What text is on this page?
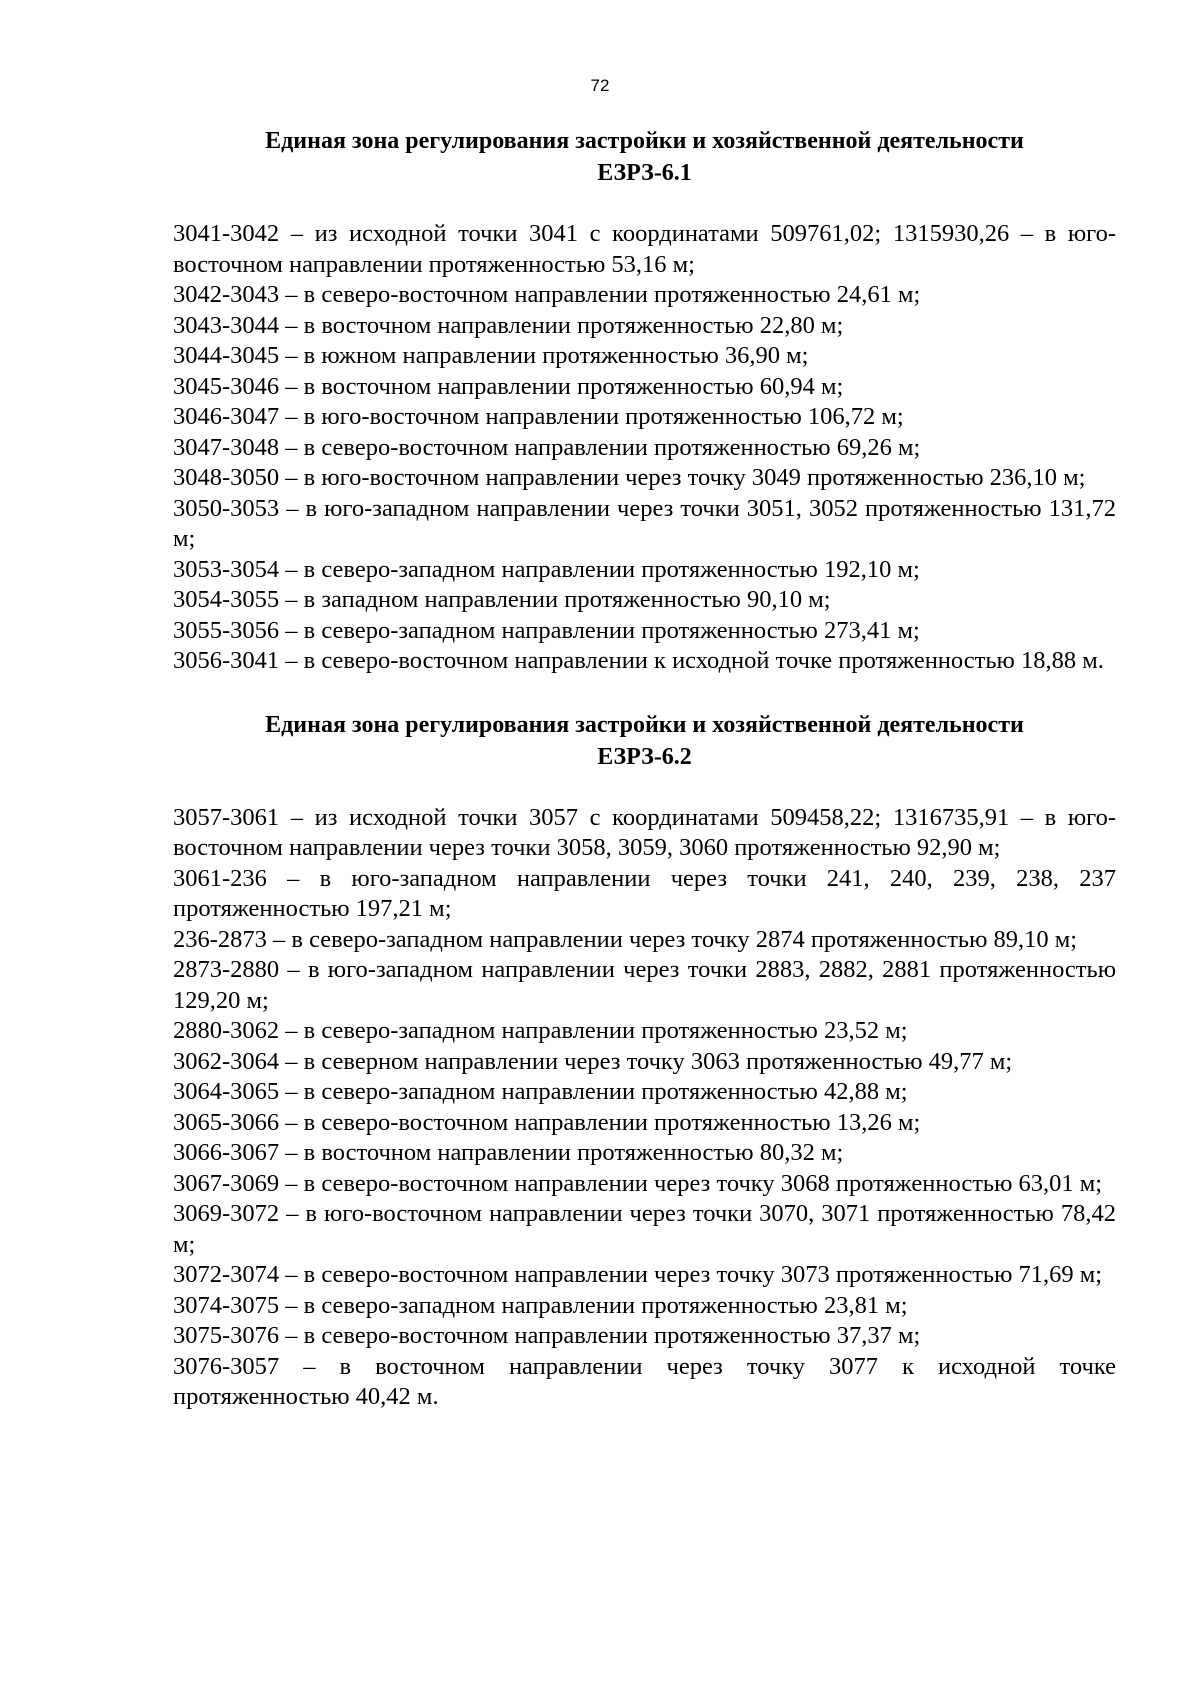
72
Единая зона регулирования застройки и хозяйственной деятельности
ЕЗРЗ-6.1

3041-3042 – из исходной точки 3041 с координатами 509761,02; 1315930,26 – в юго-восточном направлении протяженностью 53,16 м;

3042-3043 – в северо-восточном направлении протяженностью 24,61 м;

3043-3044 – в восточном направлении протяженностью 22,80 м;

3044-3045 – в южном направлении протяженностью 36,90 м;

3045-3046 – в восточном направлении протяженностью 60,94 м;

3046-3047 – в юго-восточном направлении протяженностью 106,72 м;

3047-3048 – в северо-восточном направлении протяженностью 69,26 м;

3048-3050 – в юго-восточном направлении через точку 3049 протяженностью 236,10 м;

3050-3053 – в юго-западном направлении через точки 3051, 3052 протяженностью 131,72 м;

3053-3054 – в северо-западном направлении протяженностью 192,10 м;

3054-3055 – в западном направлении протяженностью 90,10 м;

3055-3056 – в северо-западном направлении протяженностью 273,41 м;

3056-3041 – в северо-восточном направлении к исходной точке протяженностью 18,88 м.

Единая зона регулирования застройки и хозяйственной деятельности
ЕЗРЗ-6.2

3057-3061 – из исходной точки 3057 с координатами 509458,22; 1316735,91 – в юго-восточном направлении через точки 3058, 3059, 3060 протяженностью 92,90 м;

3061-236 – в юго-западном направлении через точки 241, 240, 239, 238, 237 протяженностью 197,21 м;

236-2873 – в северо-западном направлении через точку 2874 протяженностью 89,10 м;

2873-2880 – в юго-западном направлении через точки 2883, 2882, 2881 протяженностью 129,20 м;

2880-3062 – в северо-западном направлении протяженностью 23,52 м;

3062-3064 – в северном направлении через точку 3063 протяженностью 49,77 м;

3064-3065 – в северо-западном направлении протяженностью 42,88 м;

3065-3066 – в северо-восточном направлении протяженностью 13,26 м;

3066-3067 – в восточном направлении протяженностью 80,32 м;

3067-3069 – в северо-восточном направлении через точку 3068 протяженностью 63,01 м;

3069-3072 – в юго-восточном направлении через точки 3070, 3071 протяженностью 78,42 м;

3072-3074 – в северо-восточном направлении через точку 3073 протяженностью 71,69 м;

3074-3075 – в северо-западном направлении протяженностью 23,81 м;

3075-3076 – в северо-восточном направлении протяженностью 37,37 м;

3076-3057 – в восточном направлении через точку 3077 к исходной точке протяженностью 40,42 м.
